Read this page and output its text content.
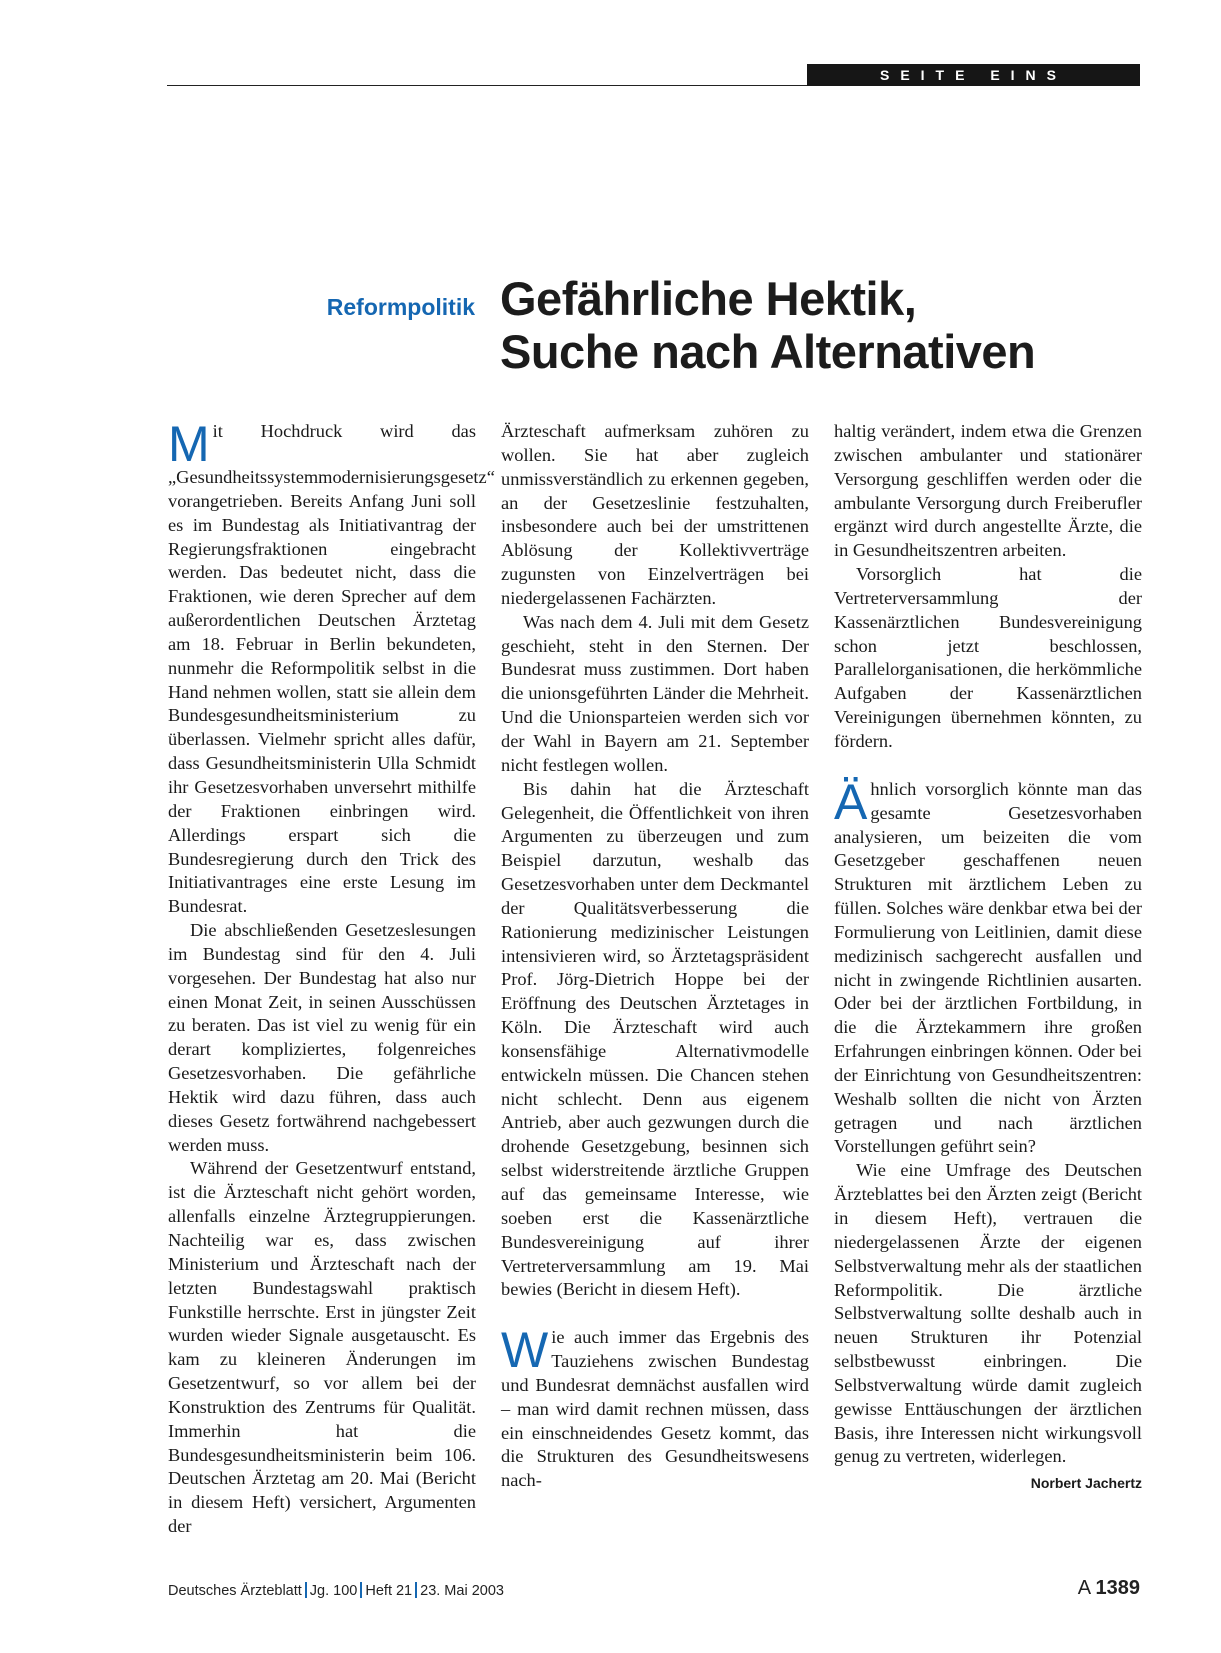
SEITE EINS
Reformpolitik Gefährliche Hektik,
Suche nach Alternativen

Mit Hochdruck wird das „Gesundheitssystemmodernisierungsgesetz“ vorangetrieben. Bereits Anfang Juni soll es im Bundestag als Initiativantrag der Regierungsfraktionen eingebracht werden. Das bedeutet nicht, dass die Fraktionen, wie deren Sprecher auf dem außerordentlichen Deutschen Ärztetag am 18. Februar in Berlin bekundeten, nunmehr die Reformpolitik selbst in die Hand nehmen wollen, statt sie allein dem Bundesgesundheitsministerium zu überlassen. Vielmehr spricht alles dafür, dass Gesundheitsministerin Ulla Schmidt ihr Gesetzesvorhaben unversehrt mithilfe der Fraktionen einbringen wird. Allerdings erspart sich die Bundesregierung durch den Trick des Initiativantrages eine erste Lesung im Bundesrat.

Die abschließenden Gesetzeslesungen im Bundestag sind für den 4. Juli vorgesehen. Der Bundestag hat also nur einen Monat Zeit, in seinen Ausschüssen zu beraten. Das ist viel zu wenig für ein derart kompliziertes, folgenreiches Gesetzesvorhaben. Die gefährliche Hektik wird dazu führen, dass auch dieses Gesetz fortwährend nachgebessert werden muss.

Während der Gesetzentwurf entstand, ist die Ärzteschaft nicht gehört worden, allenfalls einzelne Ärztegruppierungen. Nachteilig war es, dass zwischen Ministerium und Ärzteschaft nach der letzten Bundestagswahl praktisch Funkstille herrschte. Erst in jüngster Zeit wurden wieder Signale ausgetauscht. Es kam zu kleineren Änderungen im Gesetzentwurf, so vor allem bei der Konstruktion des Zentrums für Qualität. Immerhin hat die Bundesgesundheitsministerin beim 106. Deutschen Ärztetag am 20. Mai (Bericht in diesem Heft) versichert, Argumenten der

Ärzteschaft aufmerksam zuhören zu wollen. Sie hat aber zugleich unmissverständlich zu erkennen gegeben, an der Gesetzeslinie festzuhalten, insbesondere auch bei der umstrittenen Ablösung der Kollektivverträge zugunsten von Einzelverträgen bei niedergelassenen Fachärzten.

Was nach dem 4. Juli mit dem Gesetz geschieht, steht in den Sternen. Der Bundesrat muss zustimmen. Dort haben die unionsgeführten Länder die Mehrheit. Und die Unionsparteien werden sich vor der Wahl in Bayern am 21. September nicht festlegen wollen.

Bis dahin hat die Ärzteschaft Gelegenheit, die Öffentlichkeit von ihren Argumenten zu überzeugen und zum Beispiel darzutun, weshalb das Gesetzesvorhaben unter dem Deckmantel der Qualitätsverbesserung die Rationierung medizinischer Leistungen intensivieren wird, so Ärztetagspräsident Prof. Jörg-Dietrich Hoppe bei der Eröffnung des Deutschen Ärztetages in Köln. Die Ärzteschaft wird auch konsensfähige Alternativmodelle entwickeln müssen. Die Chancen stehen nicht schlecht. Denn aus eigenem Antrieb, aber auch gezwungen durch die drohende Gesetzgebung, besinnen sich selbst widerstreitende ärztliche Gruppen auf das gemeinsame Interesse, wie soeben erst die Kassenärztliche Bundesvereinigung auf ihrer Vertreterversammlung am 19. Mai bewies (Bericht in diesem Heft).

Wie auch immer das Ergebnis des Tauziehens zwischen Bundestag und Bundesrat demnächst ausfallen wird – man wird damit rechnen müssen, dass ein einschneidendes Gesetz kommt, das die Strukturen des Gesundheitswesens nach-

haltig verändert, indem etwa die Grenzen zwischen ambulanter und stationärer Versorgung geschliffen werden oder die ambulante Versorgung durch Freiberufler ergänzt wird durch angestellte Ärzte, die in Gesundheitszentren arbeiten.

Vorsorglich hat die Vertreterversammlung der Kassenärztlichen Bundesvereinigung schon jetzt beschlossen, Parallelorganisationen, die herkömmliche Aufgaben der Kassenärztlichen Vereinigungen übernehmen könnten, zu fördern.

Ähnlich vorsorglich könnte man das gesamte Gesetzesvorhaben analysieren, um beizeiten die vom Gesetzgeber geschaffenen neuen Strukturen mit ärztlichem Leben zu füllen. Solches wäre denkbar etwa bei der Formulierung von Leitlinien, damit diese medizinisch sachgerecht ausfallen und nicht in zwingende Richtlinien ausarten. Oder bei der ärztlichen Fortbildung, in die die Ärztekammern ihre großen Erfahrungen einbringen können. Oder bei der Einrichtung von Gesundheitszentren: Weshalb sollten die nicht von Ärzten getragen und nach ärztlichen Vorstellungen geführt sein?

Wie eine Umfrage des Deutschen Ärzteblattes bei den Ärzten zeigt (Bericht in diesem Heft), vertrauen die niedergelassenen Ärzte der eigenen Selbstverwaltung mehr als der staatlichen Reformpolitik. Die ärztliche Selbstverwaltung sollte deshalb auch in neuen Strukturen ihr Potenzial selbstbewusst einbringen. Die Selbstverwaltung würde damit zugleich gewisse Enttäuschungen der ärztlichen Basis, ihre Interessen nicht wirkungsvoll genug zu vertreten, widerlegen.
Norbert Jachertz

Deutsches Ärzteblatt Jg. 100 Heft 21 23. Mai 2003	A 1389
